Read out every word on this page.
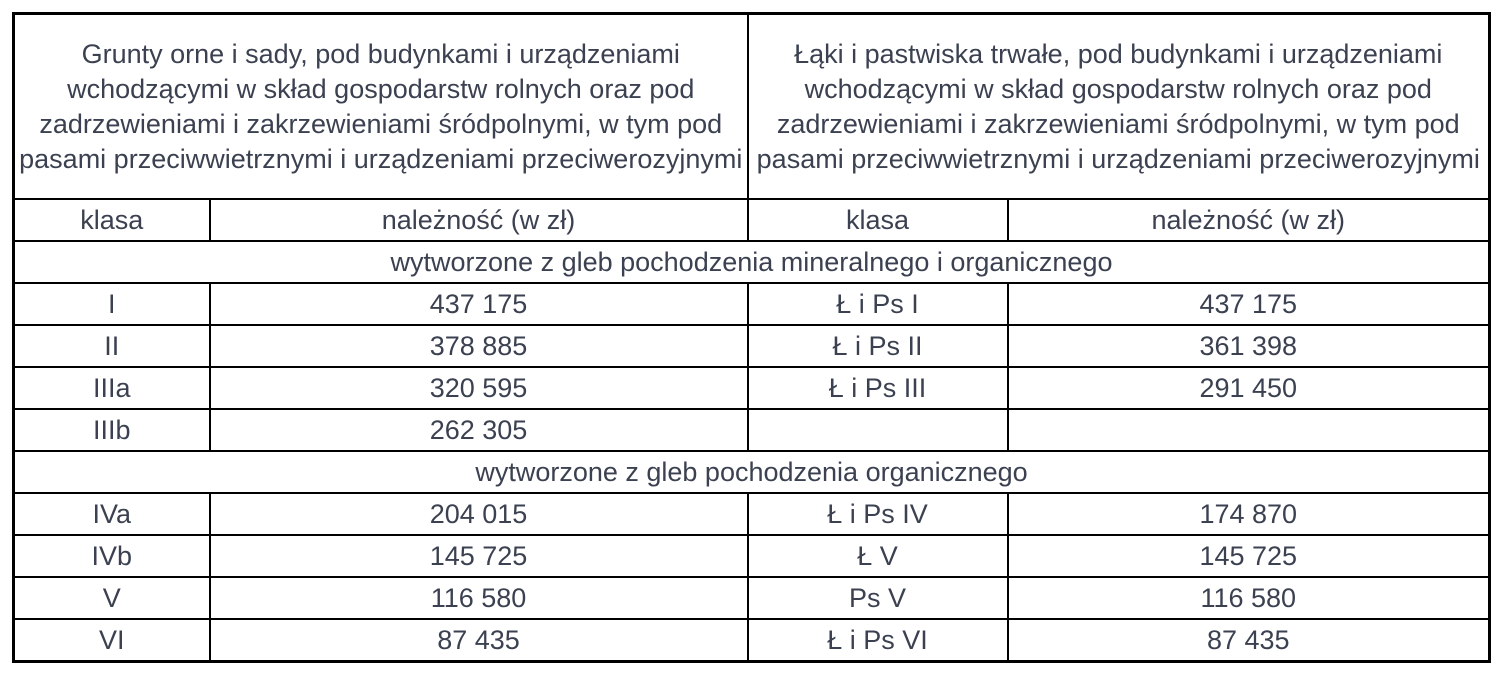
Grunty orne i sady, pod budynkami i urządzeniami wchodzącymi w skład gospodarstw rolnych oraz pod zadrzewieniami i zakrzewieniami śródpolnymi, w tym pod pasami przeciwwietrznymi i urządzeniami przeciwerozyjnymi	Łąki i pastwiska trwałe, pod budynkami i urządzeniami wchodzącymi w skład gospodarstw rolnych oraz pod zadrzewieniami i zakrzewieniami śródpolnymi, w tym pod pasami przeciwwietrznymi i urządzeniami przeciwerozyjnymi
klasa	należność (w zł)	klasa	należność (w zł)
wytworzone z gleb pochodzenia mineralnego i organicznego			
I	437 175	Ł i Ps I	437 175
II	378 885	Ł i Ps II	361 398
IIIa	320 595	Ł i Ps III	291 450
IIIb	262 305		
wytworzone z gleb pochodzenia organicznego			
IVa	204 015	Ł i Ps IV	174 870
IVb	145 725	Ł V	145 725
V	116 580	Ps V	116 580
VI	87 435	Ł i Ps VI	87 435
